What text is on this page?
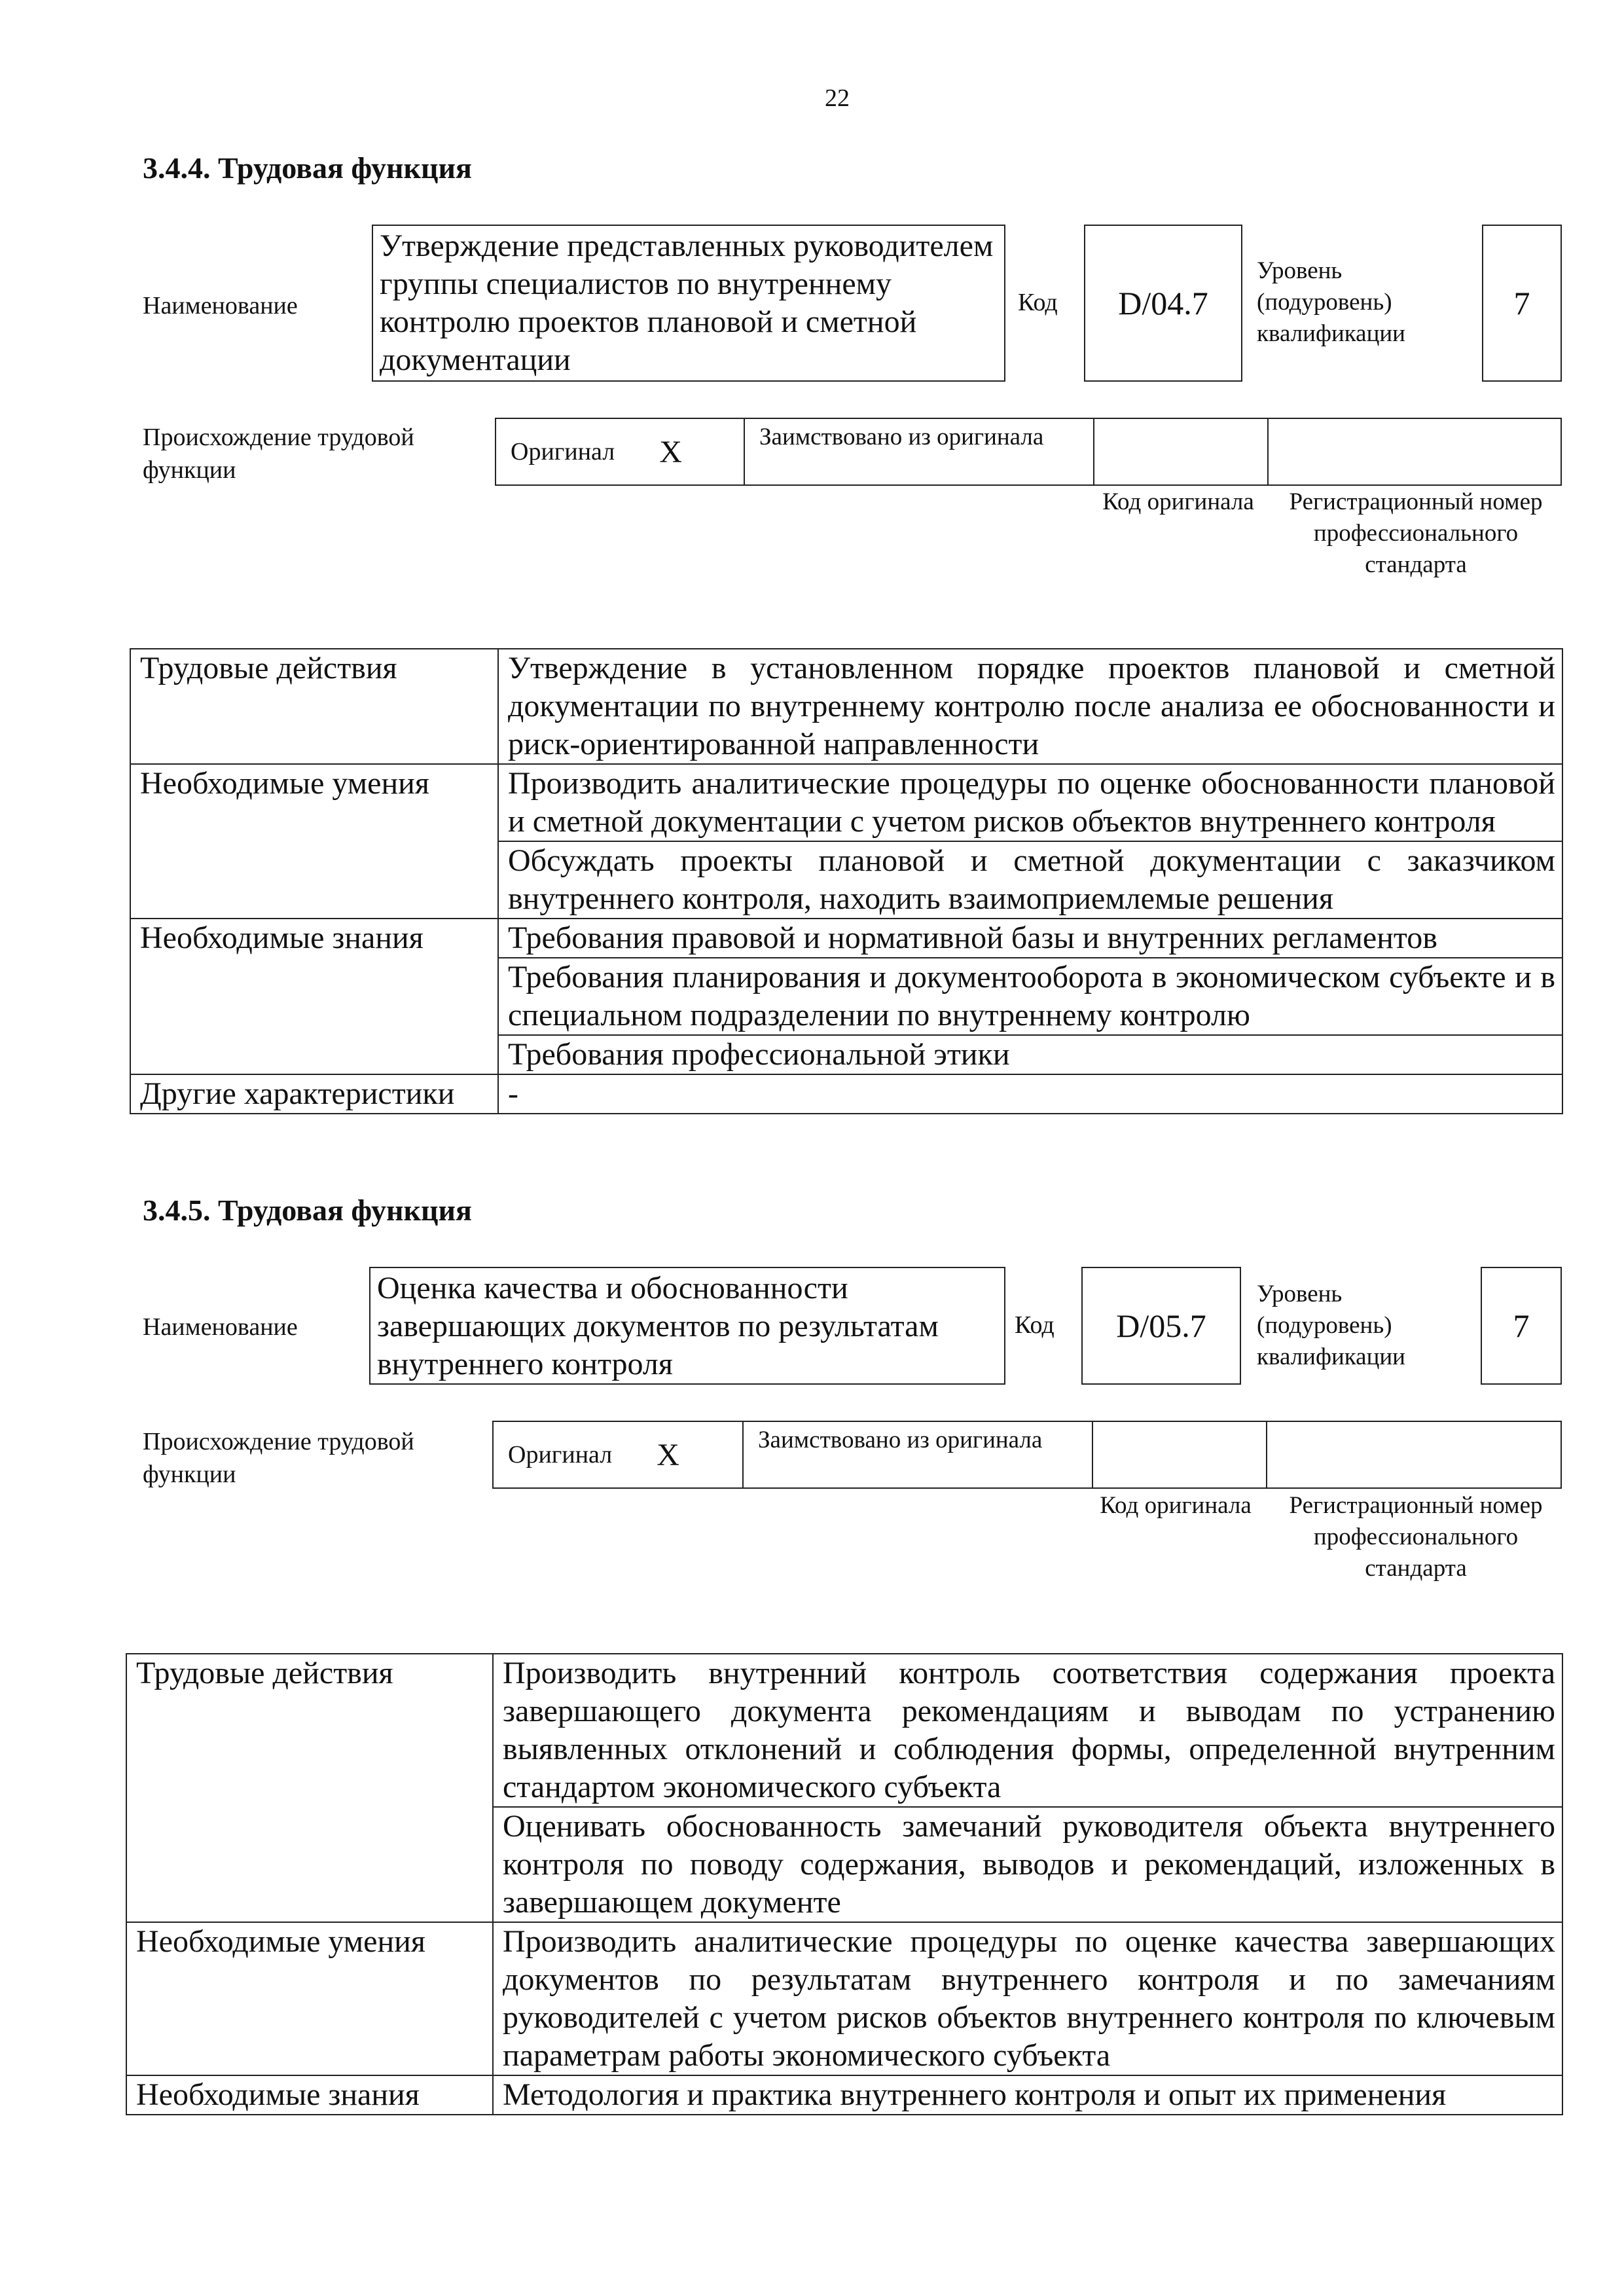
22
3.4.4. Трудовая функция
Наименование
Утверждение представленных руководителем группы специалистов по внутреннему контролю проектов плановой и сметной документации
Код D/04.7
Уровень (подуровень) квалификации
7
Происхождение трудовой функции
Оригинал X	Заимствовано из оригинала
Код оригинала	Регистрационный номер профессионального стандарта
Трудовые действия	Утверждение в установленном порядке проектов плановой и сметной документации по внутреннему контролю после анализа ее обоснованности и риск-ориентированной направленности
Необходимые умения	Производить аналитические процедуры по оценке обоснованности плановой и сметной документации с учетом рисков объектов внутреннего контроля
	Обсуждать проекты плановой и сметной документации с заказчиком внутреннего контроля, находить взаимоприемлемые решения
Необходимые знания	Требования правовой и нормативной базы и внутренних регламентов
	Требования планирования и документооборота в экономическом субъекте и в специальном подразделении по внутреннему контролю
	Требования профессиональной этики
Другие характеристики	-
3.4.5. Трудовая функция
Наименование
Оценка качества и обоснованности завершающих документов по результатам внутреннего контроля
Код D/05.7
Уровень (подуровень) квалификации
7
Происхождение трудовой функции
Оригинал X	Заимствовано из оригинала
Код оригинала	Регистрационный номер профессионального стандарта
Трудовые действия	Производить внутренний контроль соответствия содержания проекта завершающего документа рекомендациям и выводам по устранению выявленных отклонений и соблюдения формы, определенной внутренним стандартом экономического субъекта
	Оценивать обоснованность замечаний руководителя объекта внутреннего контроля по поводу содержания, выводов и рекомендаций, изложенных в завершающем документе
Необходимые умения	Производить аналитические процедуры по оценке качества завершающих документов по результатам внутреннего контроля и по замечаниям руководителей с учетом рисков объектов внутреннего контроля по ключевым параметрам работы экономического субъекта
Необходимые знания	Методология и практика внутреннего контроля и опыт их применения
